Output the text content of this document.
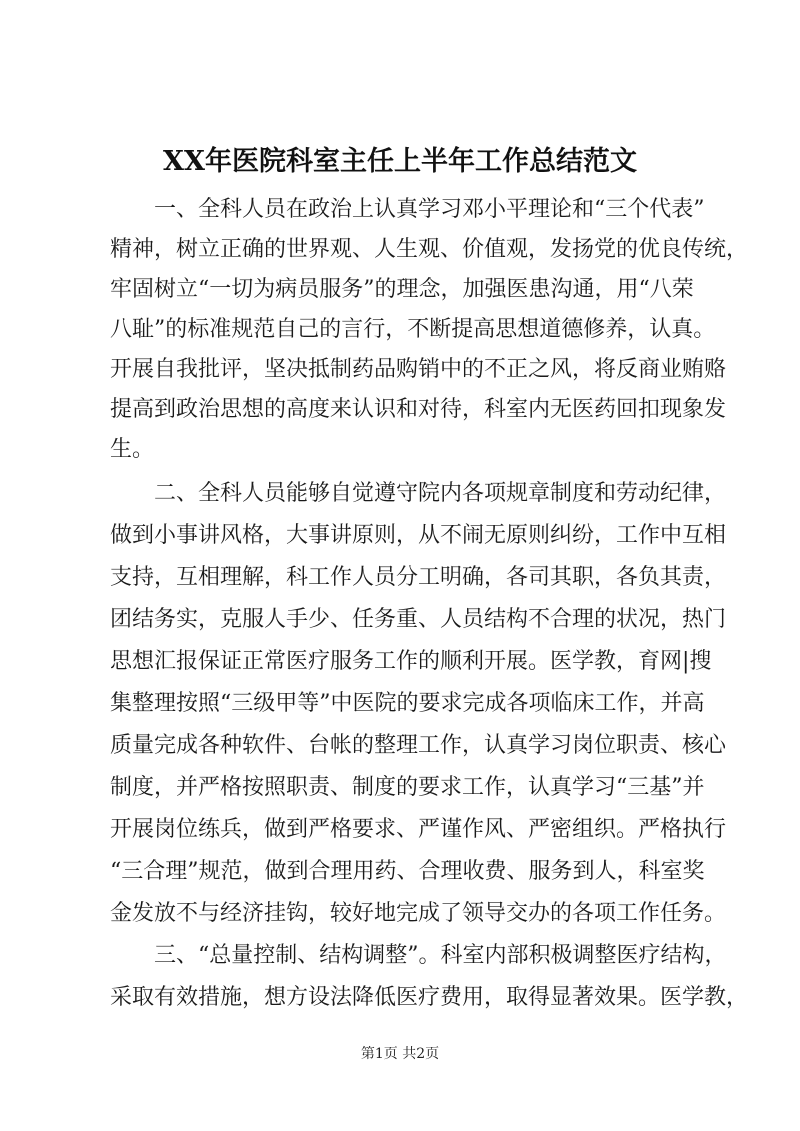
XX年医院科室主任上半年工作总结范文

一、全科人员在政治上认真学习邓小平理论和“三个代表”

精神，树立正确的世界观、人生观、价值观，发扬党的优良传统，

牢固树立“一切为病员服务”的理念，加强医患沟通，用“八荣

八耻”的标准规范自己的言行，不断提高思想道德修养，认真。

开展自我批评，坚决抵制药品购销中的不正之风，将反商业贿赂

提高到政治思想的高度来认识和对待，科室内无医药回扣现象发

生。

二、全科人员能够自觉遵守院内各项规章制度和劳动纪律，

做到小事讲风格，大事讲原则，从不闹无原则纠纷，工作中互相

支持，互相理解，科工作人员分工明确，各司其职，各负其责，

团结务实，克服人手少、任务重、人员结构不合理的状况，热门

思想汇报保证正常医疗服务工作的顺利开展。医学教，育网|搜

集整理按照“三级甲等”中医院的要求完成各项临床工作，并高

质量完成各种软件、台帐的整理工作，认真学习岗位职责、核心

制度，并严格按照职责、制度的要求工作，认真学习“三基”并

开展岗位练兵，做到严格要求、严谨作风、严密组织。严格执行

“三合理”规范，做到合理用药、合理收费、服务到人，科室奖

金发放不与经济挂钩，较好地完成了领导交办的各项工作任务。

三、“总量控制、结构调整”。科室内部积极调整医疗结构，

采取有效措施，想方设法降低医疗费用，取得显著效果。医学教，

第1页 共2页
